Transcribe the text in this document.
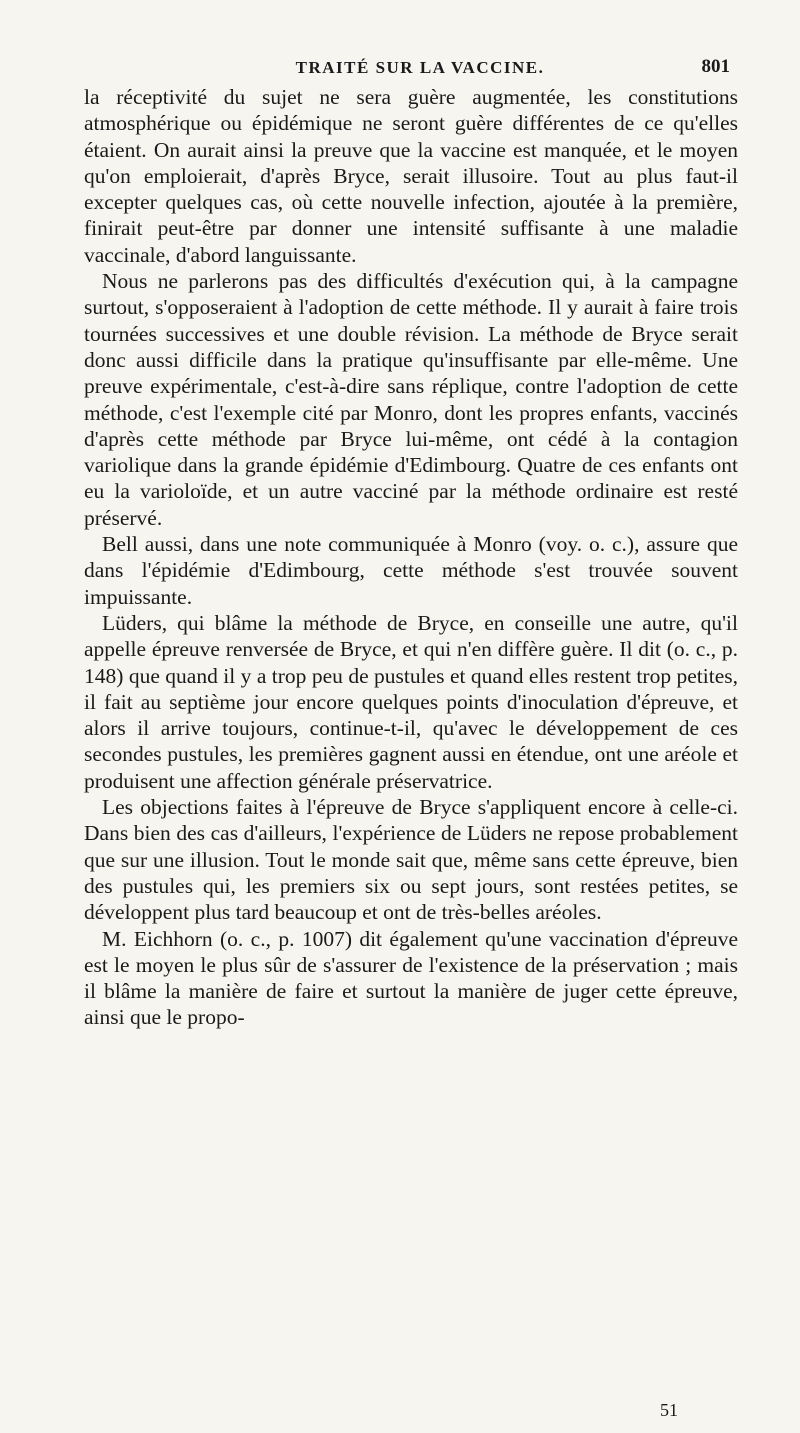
TRAITÉ SUR LA VACCINE.	801

la réceptivité du sujet ne sera guère augmentée, les constitutions atmosphérique ou épidémique ne seront guère différentes de ce qu'elles étaient. On aurait ainsi la preuve que la vaccine est manquée, et le moyen qu'on emploierait, d'après Bryce, serait illusoire. Tout au plus faut-il excepter quelques cas, où cette nouvelle infection, ajoutée à la première, finirait peut-être par donner une intensité suffisante à une maladie vaccinale, d'abord languissante.

Nous ne parlerons pas des difficultés d'exécution qui, à la campagne surtout, s'opposeraient à l'adoption de cette méthode. Il y aurait à faire trois tournées successives et une double révision. La méthode de Bryce serait donc aussi difficile dans la pratique qu'insuffisante par elle-même. Une preuve expérimentale, c'est-à-dire sans réplique, contre l'adoption de cette méthode, c'est l'exemple cité par Monro, dont les propres enfants, vaccinés d'après cette méthode par Bryce lui-même, ont cédé à la contagion variolique dans la grande épidémie d'Edimbourg. Quatre de ces enfants ont eu la varioloïde, et un autre vacciné par la méthode ordinaire est resté préservé.

Bell aussi, dans une note communiquée à Monro (voy. o. c.), assure que dans l'épidémie d'Edimbourg, cette méthode s'est trouvée souvent impuissante.

Lüders, qui blâme la méthode de Bryce, en conseille une autre, qu'il appelle épreuve renversée de Bryce, et qui n'en diffère guère. Il dit (o. c., p. 148) que quand il y a trop peu de pustules et quand elles restent trop petites, il fait au septième jour encore quelques points d'inoculation d'épreuve, et alors il arrive toujours, continue-t-il, qu'avec le développement de ces secondes pustules, les premières gagnent aussi en étendue, ont une aréole et produisent une affection générale préservatrice.

Les objections faites à l'épreuve de Bryce s'appliquent encore à celle-ci. Dans bien des cas d'ailleurs, l'expérience de Lüders ne repose probablement que sur une illusion. Tout le monde sait que, même sans cette épreuve, bien des pustules qui, les premiers six ou sept jours, sont restées petites, se développent plus tard beaucoup et ont de très-belles aréoles.

M. Eichhorn (o. c., p. 1007) dit également qu'une vaccination d'épreuve est le moyen le plus sûr de s'assurer de l'existence de la préservation ; mais il blâme la manière de faire et surtout la manière de juger cette épreuve, ainsi que le propo-

51
